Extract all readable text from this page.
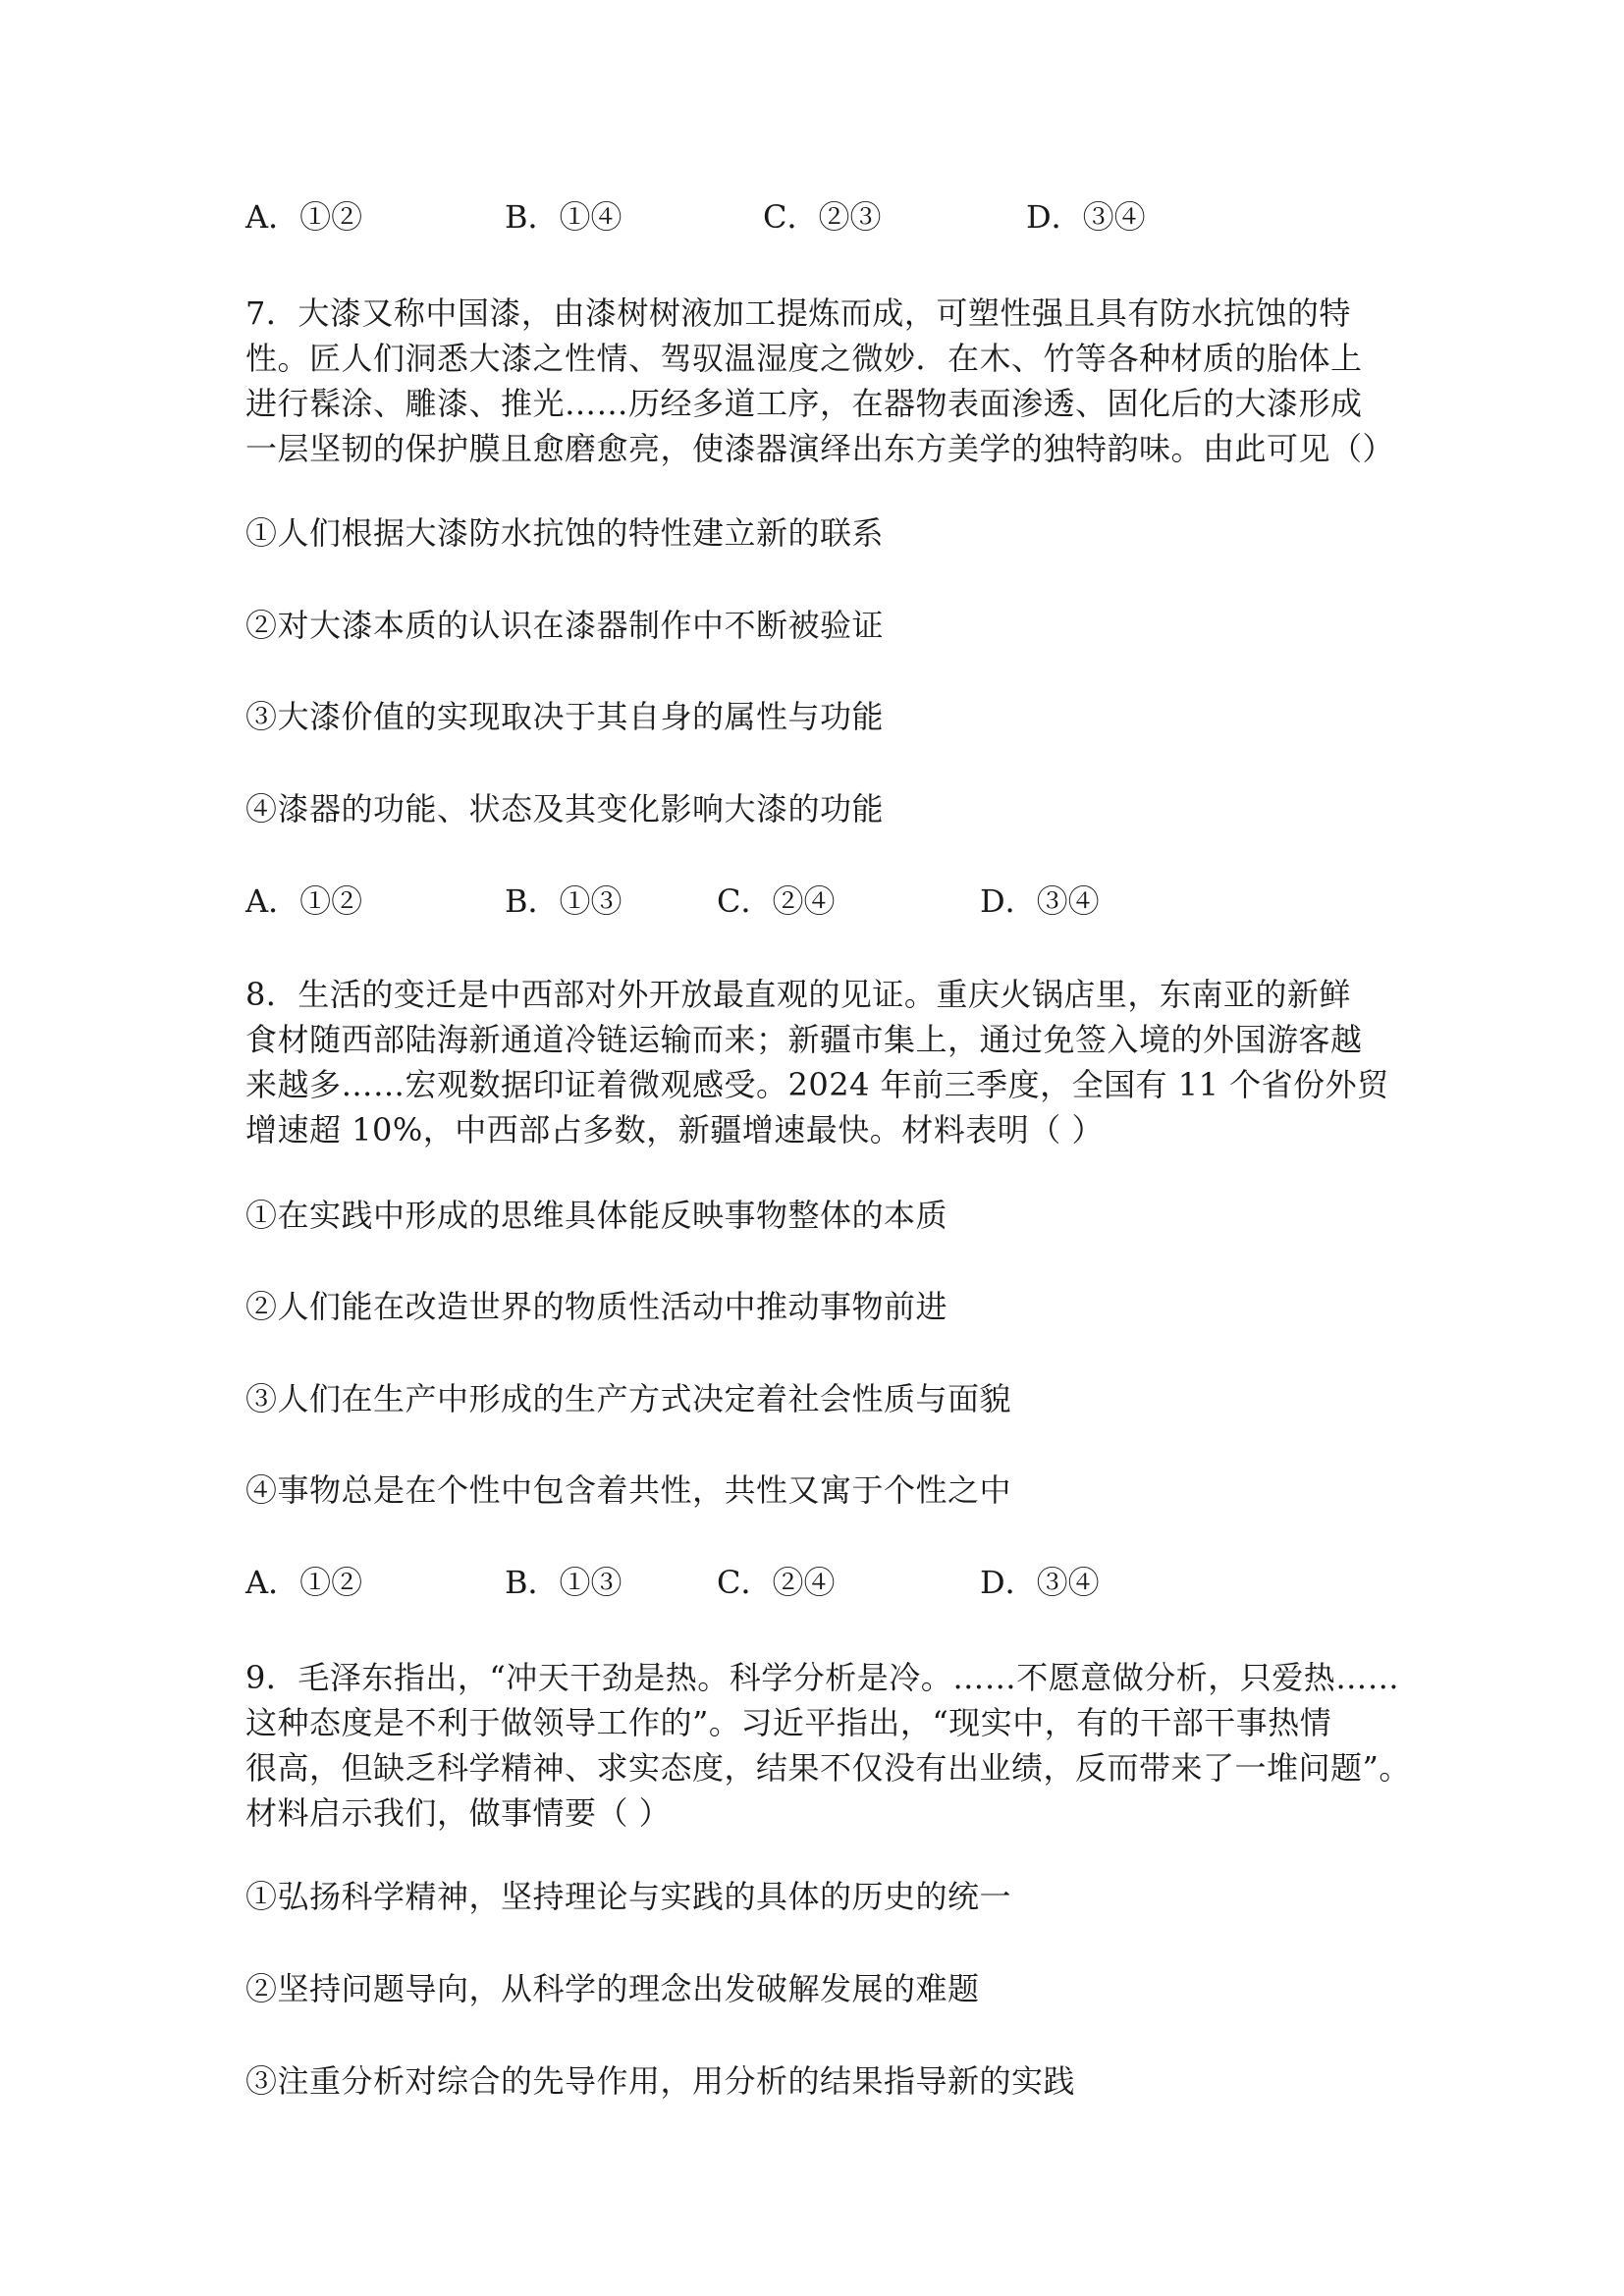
A．①②	B．①④	C．②③	D．③④
7．大漆又称中国漆，由漆树树液加工提炼而成，可塑性强且具有防水抗蚀的特
性。匠人们洞悉大漆之性情、驾驭温湿度之微妙．在木、竹等各种材质的胎体上
进行髹涂、雕漆、推光……历经多道工序，在器物表面渗透、固化后的大漆形成
一层坚韧的保护膜且愈磨愈亮，使漆器演绎出东方美学的独特韵味。由此可见（）
①人们根据大漆防水抗蚀的特性建立新的联系
②对大漆本质的认识在漆器制作中不断被验证
③大漆价值的实现取决于其自身的属性与功能
④漆器的功能、状态及其变化影响大漆的功能
A．①②	B．①③	C．②④	D．③④
8．生活的变迁是中西部对外开放最直观的见证。重庆火锅店里，东南亚的新鲜
食材随西部陆海新通道冷链运输而来；新疆市集上，通过免签入境的外国游客越
来越多……宏观数据印证着微观感受。2024 年前三季度，全国有 11 个省份外贸
增速超 10%，中西部占多数，新疆增速最快。材料表明（ ）
①在实践中形成的思维具体能反映事物整体的本质
②人们能在改造世界的物质性活动中推动事物前进
③人们在生产中形成的生产方式决定着社会性质与面貌
④事物总是在个性中包含着共性，共性又寓于个性之中
A．①②	B．①③	C．②④	D．③④
9．毛泽东指出，“冲天干劲是热。科学分析是冷。……不愿意做分析，只爱热……
这种态度是不利于做领导工作的”。习近平指出，“现实中，有的干部干事热情
很高，但缺乏科学精神、求实态度，结果不仅没有出业绩，反而带来了一堆问题”。
材料启示我们，做事情要（ ）
①弘扬科学精神，坚持理论与实践的具体的历史的统一
②坚持问题导向，从科学的理念出发破解发展的难题
③注重分析对综合的先导作用，用分析的结果指导新的实践
